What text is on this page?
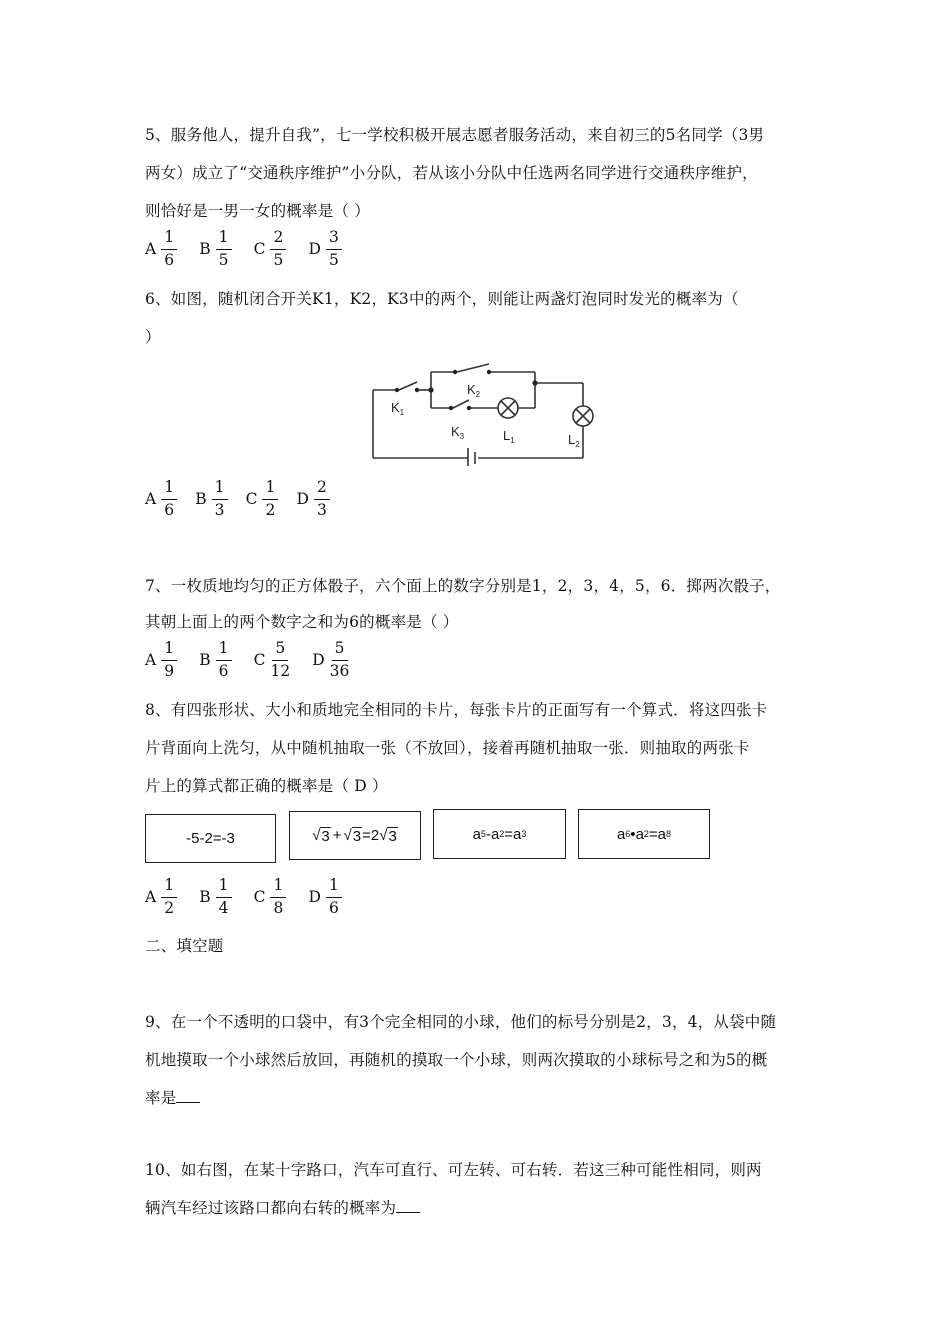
5、服务他人，提升自我”，七一学校积极开展志愿者服务活动，来自初三的5名同学（3男
两女）成立了“交通秩序维护”小分队，若从该小分队中任选两名同学进行交通秩序维护，
则恰好是一男一女的概率是（ ）
A $\frac{1}{6}$ B $\frac{1}{5}$ C $\frac{2}{5}$ D $\frac{3}{5}$
6、如图，随机闭合开关K1，K2，K3中的两个，则能让两盏灯泡同时发光的概率为（
）
$K_1$
$K_2$
$K_3$	$L_1$	$L_2$
A $\frac{1}{6}$ B $\frac{1}{3}$ C $\frac{1}{2}$ D $\frac{2}{3}$
7、一枚质地均匀的正方体骰子，六个面上的数字分别是1，2，3，4，5，6．掷两次骰子，
其朝上面上的两个数字之和为6的概率是（ ）
A $\frac{1}{9}$ B $\frac{1}{6}$ C $\frac{5}{12}$ D $\frac{5}{36}$
8、有四张形状、大小和质地完全相同的卡片，每张卡片的正面写有一个算式．将这四张卡
片背面向上洗匀，从中随机抽取一张（不放回），接着再随机抽取一张．则抽取的两张卡
片上的算式都正确的概率是（ D ）
-5-2=-3	√ 3 + √ 3 =2 √ 3	a 5 - a 2 =a 3	a 6 • a 2 =a 8
A $\frac{1}{2}$ B $\frac{1}{4}$ C $\frac{1}{8}$ D $\frac{1}{6}$
二、填空题
9、在一个不透明的口袋中，有3个完全相同的小球，他们的标号分别是2，3，4，从袋中随
机地摸取一个小球然后放回，再随机的摸取一个小球，则两次摸取的小球标号之和为5的概
率是
10、如右图，在某十字路口，汽车可直行、可左转、可右转．若这三种可能性相同，则两
辆汽车经过该路口都向右转的概率为
